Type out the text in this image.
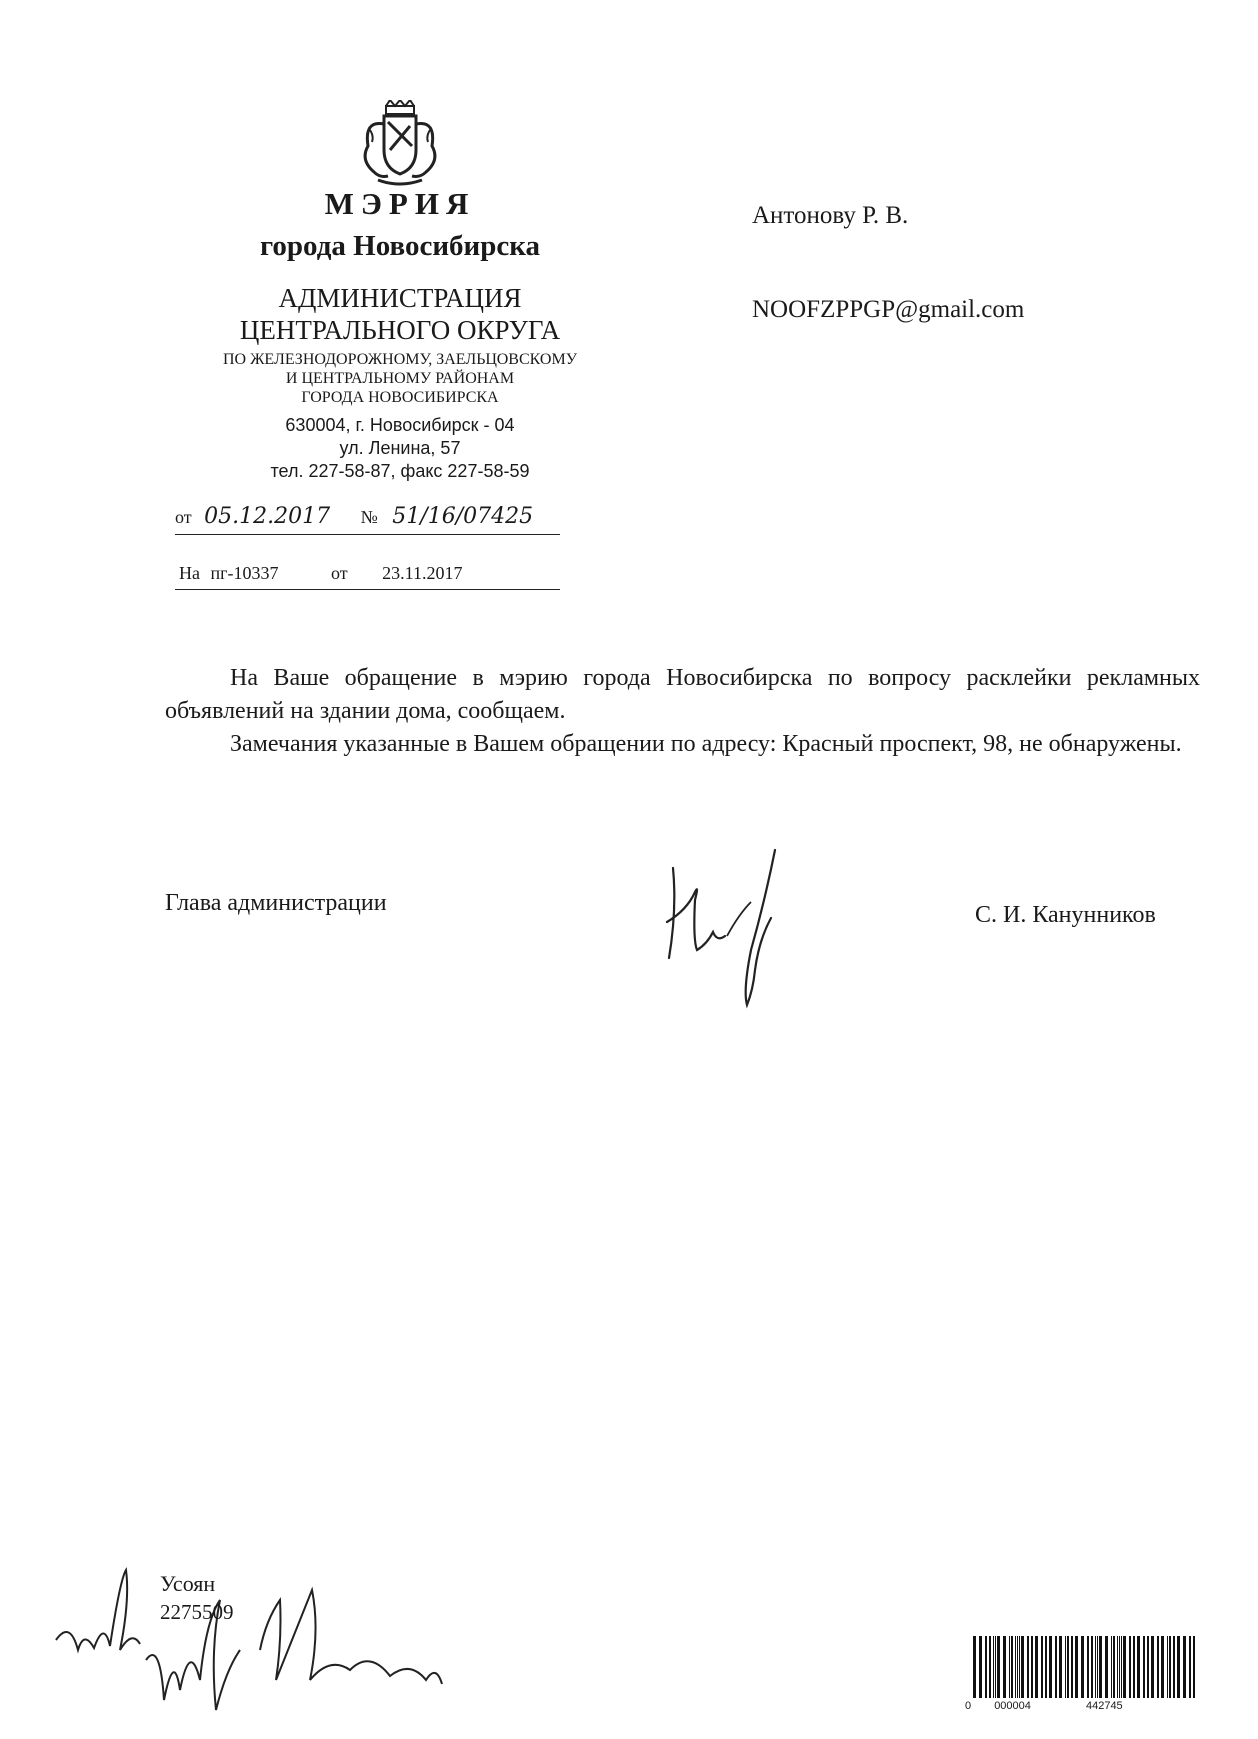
МЭРИЯ
города Новосибирска
АДМИНИСТРАЦИЯ
ЦЕНТРАЛЬНОГО ОКРУГА
ПО ЖЕЛЕЗНОДОРОЖНОМУ, ЗАЕЛЬЦОВСКОМУ
И ЦЕНТРАЛЬНОМУ РАЙОНАМ
ГОРОДА НОВОСИБИРСКА
630004, г. Новосибирск - 04
ул. Ленина, 57
тел. 227-58-87, факс 227-58-59
от 05.12.2017 № 51/16/07425
На пг-10337	от 23.11.2017
Антонову Р. В.
NOOFZPPGP@gmail.com

На Ваше обращение в мэрию города Новосибирска по вопросу расклейки рекламных объявлений на здании дома, сообщаем.

Замечания указанные в Вашем обращении по адресу: Красный проспект, 98, не обнаружены.

Глава администрации	С. И. Канунников
Усоян
2275509
0 000004	442745
